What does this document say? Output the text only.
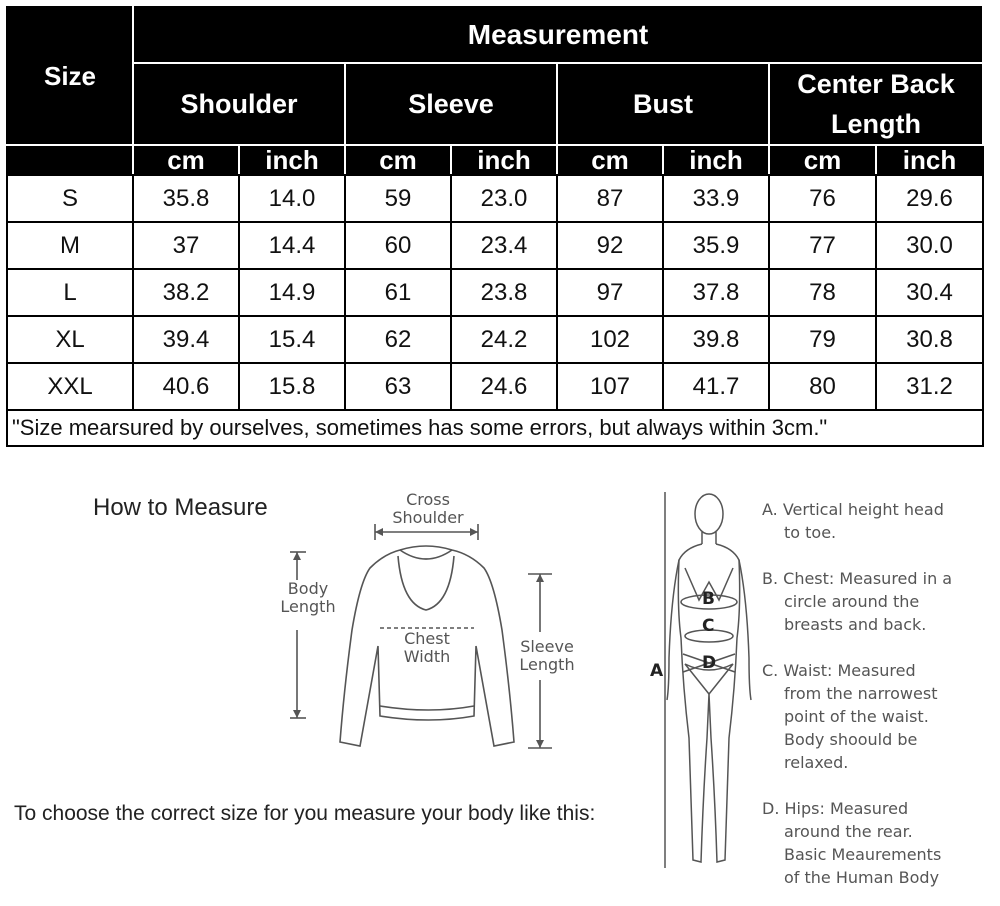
Size	Measurement							
	Shoulder		Sleeve		Bust		Center Back
Length	
	cm	inch	cm	inch	cm	inch	cm	inch
S	35.8	14.0	59	23.0	87	33.9	76	29.6
M	37	14.4	60	23.4	92	35.9	77	30.0
L	38.2	14.9	61	23.8	97	37.8	78	30.4
XL	39.4	15.4	62	24.2	102	39.8	79	30.8
XXL	40.6	15.8	63	24.6	107	41.7	80	31.2
"Size mearsured by ourselves, sometimes has some errors, but always within 3cm."								
How to Measure	Cross
Shoulder
Body
Length
Chest
Width
Sleeve
Length
To choose the correct size for you measure your body like this:
A
B
C
D
A. Vertical height head
to toe.
B. Chest: Measured in a
circle around the
breasts and back.
C. Waist: Measured
from the narrowest
point of the waist.
Body shoould be
relaxed.
D. Hips: Measured
around the rear.
Basic Meaurements
of the Human Body
